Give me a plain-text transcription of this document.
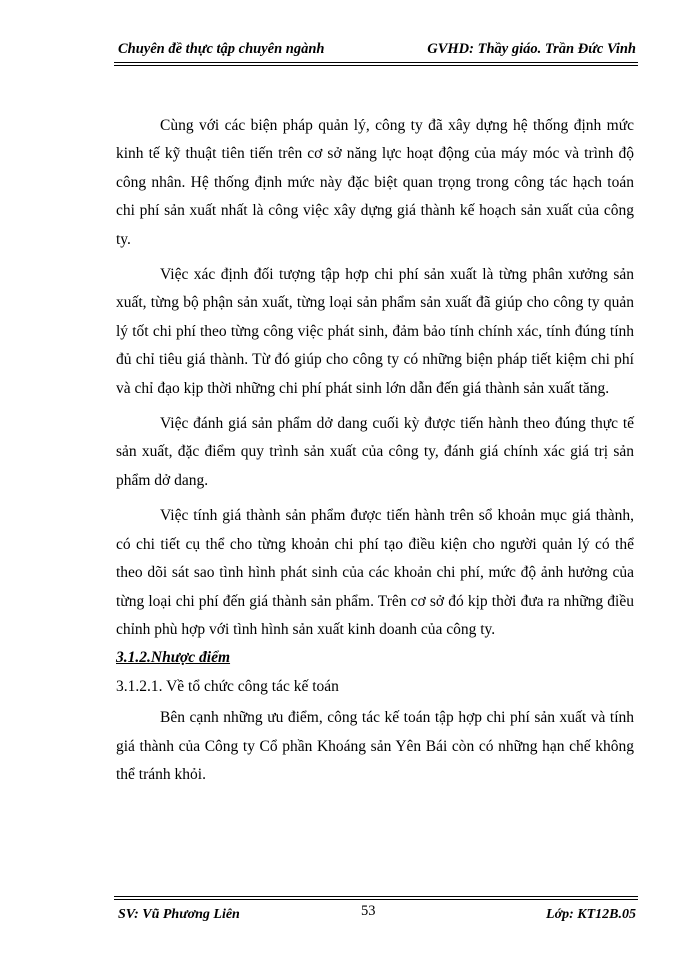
Chuyên đề thực tập chuyên ngành	GVHD: Thầy giáo. Trần Đức Vinh

Cùng với các biện pháp quản lý, công ty đã xây dựng hệ thống định mức kinh tế kỹ thuật tiên tiến trên cơ sở năng lực hoạt động của máy móc và trình độ công nhân. Hệ thống định mức này đặc biệt quan trọng trong công tác hạch toán chi phí sản xuất nhất là công việc xây dựng giá thành kế hoạch sản xuất của công ty.

Việc xác định đối tượng tập hợp chi phí sản xuất là từng phân xưởng sản xuất, từng bộ phận sản xuất, từng loại sản phẩm sản xuất đã giúp cho công ty quản lý tốt chi phí theo từng công việc phát sinh, đảm bảo tính chính xác, tính đúng tính đủ chỉ tiêu giá thành. Từ đó giúp cho công ty có những biện pháp tiết kiệm chi phí và chỉ đạo kịp thời những chi phí phát sinh lớn dẫn đến giá thành sản xuất tăng.

Việc đánh giá sản phẩm dở dang cuối kỳ được tiến hành theo đúng thực tế sản xuất, đặc điểm quy trình sản xuất của công ty, đánh giá chính xác giá trị sản phẩm dở dang.

Việc tính giá thành sản phẩm được tiến hành trên sổ khoản mục giá thành, có chi tiết cụ thể cho từng khoản chi phí tạo điều kiện cho người quản lý có thể theo dõi sát sao tình hình phát sinh của các khoản chi phí, mức độ ảnh hưởng của từng loại chi phí đến giá thành sản phẩm. Trên cơ sở đó kịp thời đưa ra những điều chỉnh phù hợp với tình hình sản xuất kinh doanh của công ty.

3.1.2.Nhược điểm

3.1.2.1. Về tổ chức công tác kế toán

Bên cạnh những ưu điểm, công tác kế toán tập hợp chi phí sản xuất và tính giá thành của Công ty Cổ phần Khoáng sản Yên Bái còn có những hạn chế không thể tránh khỏi.

SV: Vũ Phương Liên	53	Lớp: KT12B.05
